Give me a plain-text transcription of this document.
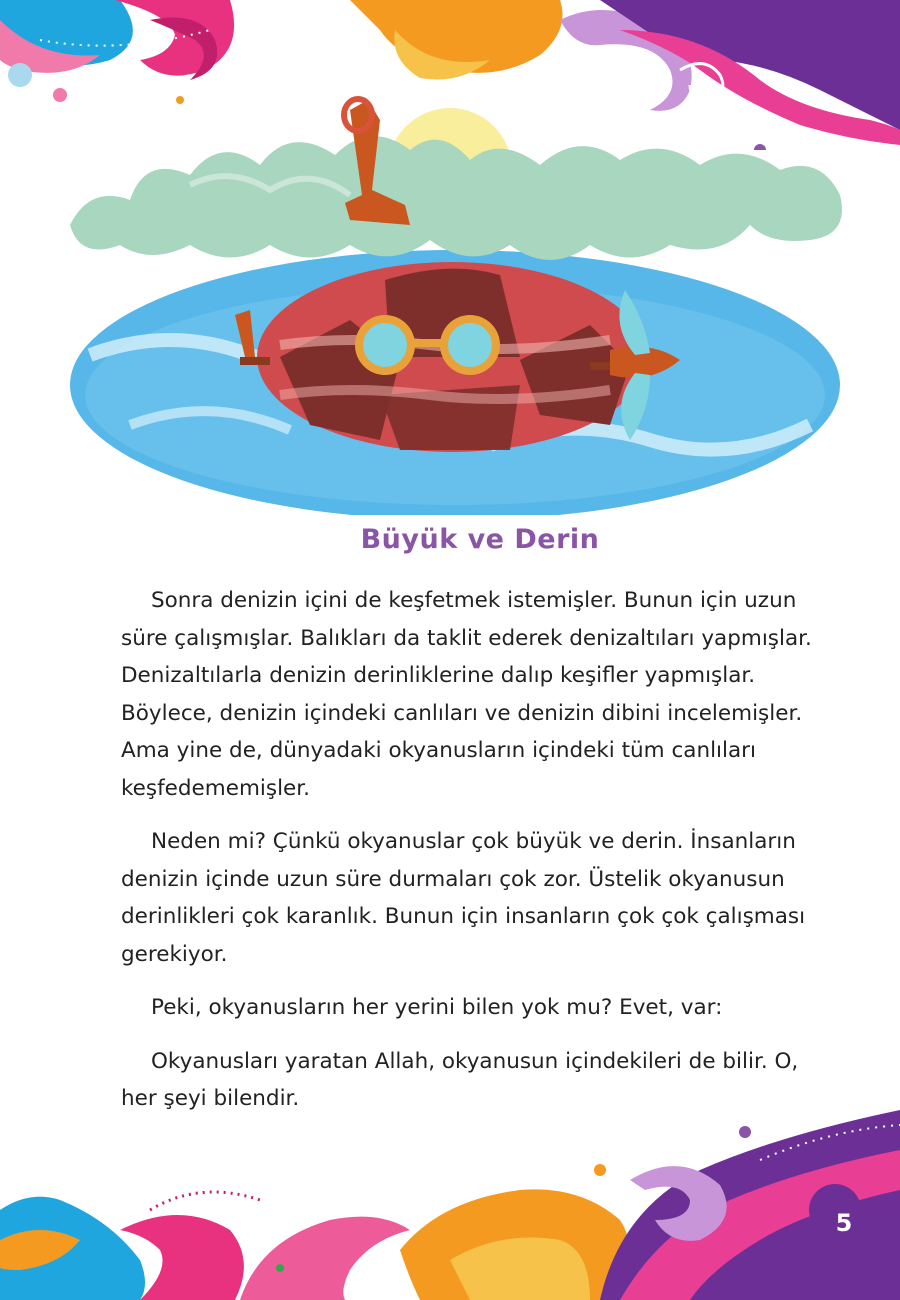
Büyük ve Derin

Sonra denizin içini de keşfetmek istemişler. Bunun için uzun süre çalışmışlar. Balıkları da taklit ederek denizaltıları yapmışlar. Denizaltılarla denizin derinliklerine dalıp keşifler yapmışlar. Böylece, denizin içindeki canlıları ve denizin dibini incelemişler. Ama yine de, dünyadaki okyanusların içindeki tüm canlıları keşfedememişler.

Neden mi? Çünkü okyanuslar çok büyük ve derin. İnsanların denizin içinde uzun süre durmaları çok zor. Üstelik okyanusun derinlikleri çok karanlık. Bunun için insanların çok çok çalışması gerekiyor.

Peki, okyanusların her yerini bilen yok mu? Evet, var:

Okyanusları yaratan Allah, okyanusun içindekileri de bilir. O, her şeyi bilendir.

5
